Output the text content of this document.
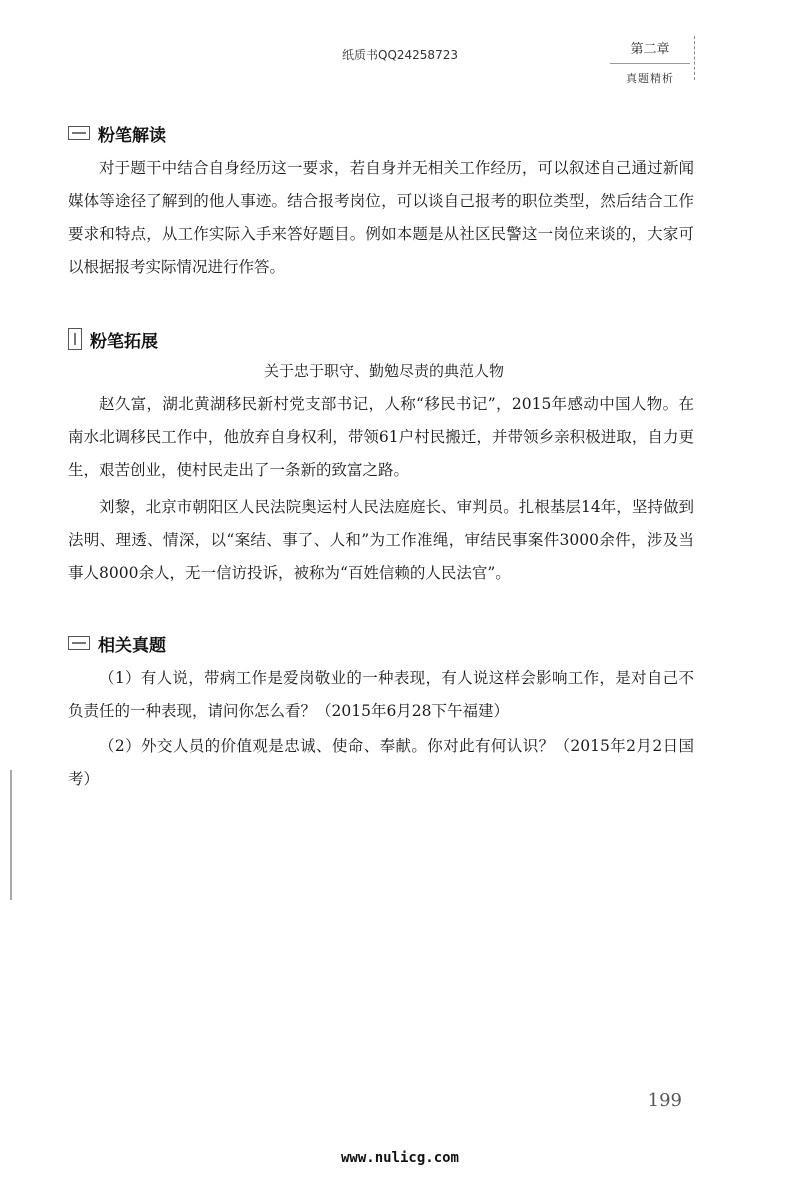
纸质书QQ24258723	第二章
真题精析
粉笔解读

对于题干中结合自身经历这一要求，若自身并无相关工作经历，可以叙述自己通过新闻媒体等途径了解到的他人事迹。结合报考岗位，可以谈自己报考的职位类型，然后结合工作要求和特点，从工作实际入手来答好题目。例如本题是从社区民警这一岗位来谈的，大家可以根据报考实际情况进行作答。

粉笔拓展
关于忠于职守、勤勉尽责的典范人物

赵久富，湖北黄湖移民新村党支部书记，人称“移民书记”，2015年感动中国人物。在南水北调移民工作中，他放弃自身权利，带领61户村民搬迁，并带领乡亲积极进取，自力更生，艰苦创业，使村民走出了一条新的致富之路。

刘黎，北京市朝阳区人民法院奥运村人民法庭庭长、审判员。扎根基层14年，坚持做到法明、理透、情深，以“案结、事了、人和”为工作准绳，审结民事案件3000余件，涉及当事人8000余人，无一信访投诉，被称为“百姓信赖的人民法官”。

相关真题

（1）有人说，带病工作是爱岗敬业的一种表现，有人说这样会影响工作，是对自己不负责任的一种表现，请问你怎么看？（2015年6月28下午福建）

（2）外交人员的价值观是忠诚、使命、奉献。你对此有何认识？（2015年2月2日国考）

199
www.nulicg.com
